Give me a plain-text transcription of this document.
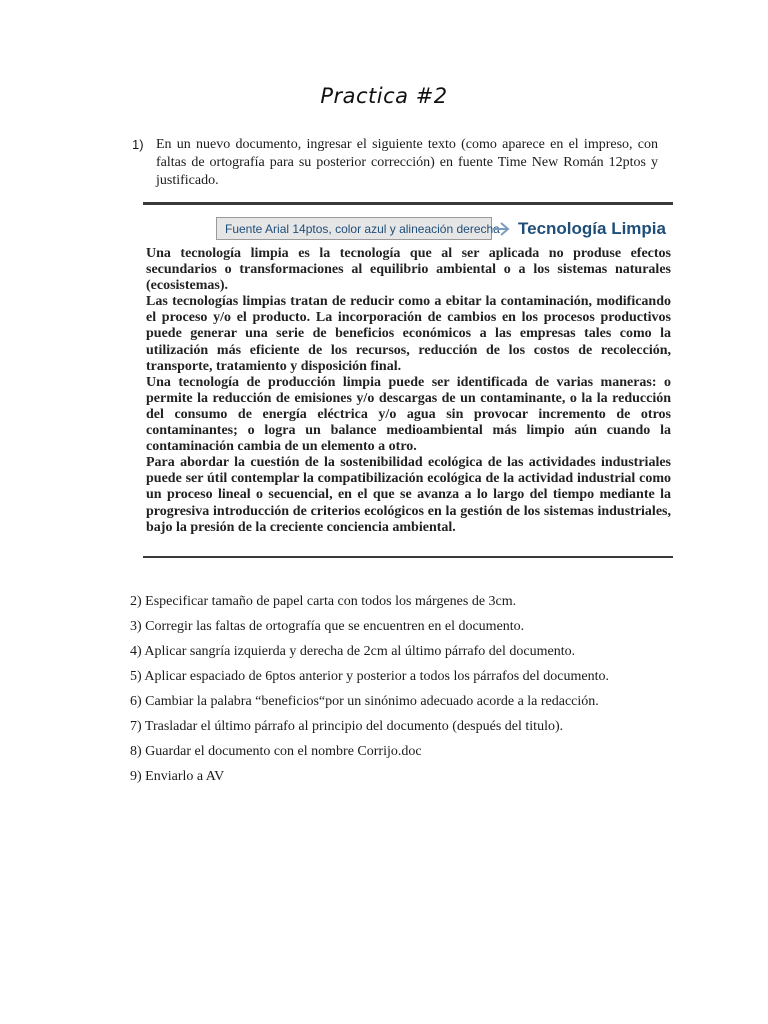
Practica #2
1) En un nuevo documento, ingresar el siguiente texto (como aparece en el impreso, con faltas de ortografía para su posterior corrección) en fuente Time New Román 12ptos y justificado.
Fuente Arial 14ptos, color azul y alineación derecha Tecnología Limpia

Una tecnología limpia es la tecnología que al ser aplicada no produse efectos secundarios o transformaciones al equilibrio ambiental o a los sistemas naturales (ecosistemas).

Las tecnologías limpias tratan de reducir como a ebitar la contaminación, modificando el proceso y/o el producto. La incorporación de cambios en los procesos productivos puede generar una serie de beneficios económicos a las empresas tales como la utilización más eficiente de los recursos, reducción de los costos de recolección, transporte, tratamiento y disposición final.

Una tecnología de producción limpia puede ser identificada de varias maneras: o permite la reducción de emisiones y/o descargas de un contaminante, o la la reducción del consumo de energía eléctrica y/o agua sin provocar incremento de otros contaminantes; o logra un balance medioambiental más limpio aún cuando la contaminación cambia de un elemento a otro.

Para abordar la cuestión de la sostenibilidad ecológica de las actividades industriales puede ser útil contemplar la compatibilización ecológica de la actividad industrial como un proceso lineal o secuencial, en el que se avanza a lo largo del tiempo mediante la progresiva introducción de criterios ecológicos en la gestión de los sistemas industriales, bajo la presión de la creciente conciencia ambiental.

2) Especificar tamaño de papel carta con todos los márgenes de 3cm.
3) Corregir las faltas de ortografía que se encuentren en el documento.
4) Aplicar sangría izquierda y derecha de 2cm al último párrafo del documento.
5) Aplicar espaciado de 6ptos anterior y posterior a todos los párrafos del documento.
6) Cambiar la palabra “beneficios“por un sinónimo adecuado acorde a la redacción.
7) Trasladar el último párrafo al principio del documento (después del titulo).
8) Guardar el documento con el nombre Corrijo.doc
9) Enviarlo a AV
